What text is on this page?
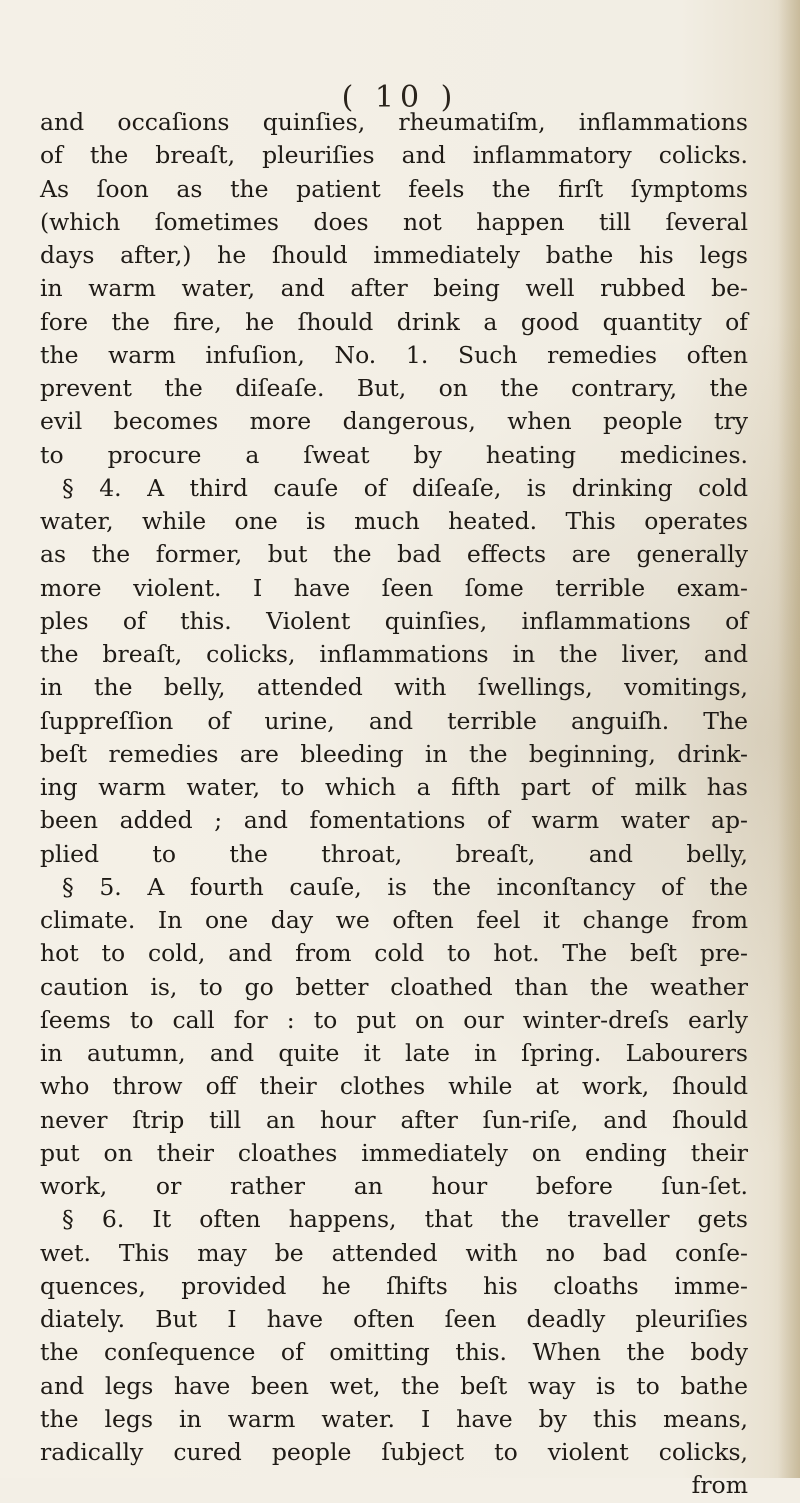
( 10 )
and occaſions quinſies, rheumatiſm, inflammations
of the breaſt, pleuriſies and inflammatory colicks.
As ſoon as the patient feels the firſt ſymptoms
(which ſometimes does not happen till ſeveral
days after,) he ſhould immediately bathe his legs
in warm water, and after being well rubbed be-
fore the fire, he ſhould drink a good quantity of
the warm infuſion, No. 1. Such remedies often
prevent the diſeaſe. But, on the contrary, the
evil becomes more dangerous, when people try
to procure a ſweat by heating medicines.
§ 4. A third cauſe of diſeaſe, is drinking cold
water, while one is much heated. This operates
as the former, but the bad effects are generally
more violent. I have ſeen ſome terrible exam-
ples of this. Violent quinſies, inflammations of
the breaſt, colicks, inflammations in the liver, and
in the belly, attended with ſwellings, vomitings,
ſuppreſſion of urine, and terrible anguiſh. The
beſt remedies are bleeding in the beginning, drink-
ing warm water, to which a fifth part of milk has
been added ; and fomentations of warm water ap-
plied to the throat, breaſt, and belly,
§ 5. A fourth cauſe, is the inconſtancy of the
climate. In one day we often feel it change from
hot to cold, and from cold to hot. The beſt pre-
caution is, to go better cloathed than the weather
ſeems to call for : to put on our winter-dreſs early
in autumn, and quite it late in ſpring. Labourers
who throw off their clothes while at work, ſhould
never ſtrip till an hour after ſun-riſe, and ſhould
put on their cloathes immediately on ending their
work, or rather an hour before ſun-ſet.
§ 6. It often happens, that the traveller gets
wet. This may be attended with no bad conſe-
quences, provided he ſhifts his cloaths imme-
diately. But I have often ſeen deadly pleuriſies
the conſequence of omitting this. When the body
and legs have been wet, the beſt way is to bathe
the legs in warm water. I have by this means,
radically cured people ſubject to violent colicks,
from
